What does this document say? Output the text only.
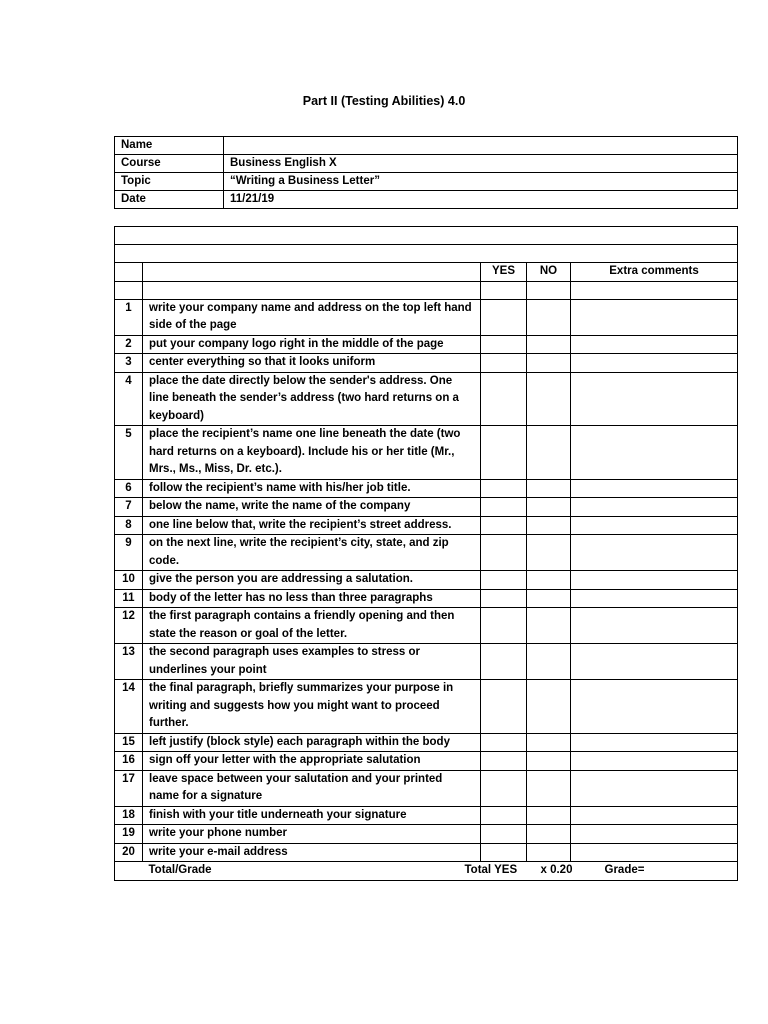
Part II (Testing Abilities) 4.0
Name	
Course	Business English X
Topic	“Writing a Business Letter”
Date	11/21/19

		YES	NO	Extra comments

1	write your company name and address on the top left hand side of the page			
2	put your company logo right in the middle of the page			
3	center everything so that it looks uniform			
4	place the date directly below the sender's address. One line beneath the sender’s address (two hard returns on a keyboard)			
5	place the recipient’s name one line beneath the date (two hard returns on a keyboard). Include his or her title (Mr., Mrs., Ms., Miss, Dr. etc.).			
6	follow the recipient’s name with his/her job title.			
7	below the name, write the name of the company			
8	one line below that, write the recipient’s street address.			
9	on the next line, write the recipient’s city, state, and zip code.			
10	give the person you are addressing a salutation.			
11	body of the letter has no less than three paragraphs			
12	the first paragraph contains a friendly opening and then state the reason or goal of the letter.			
13	the second paragraph uses examples to stress or underlines your point			
14	the final paragraph, briefly summarizes your purpose in writing and suggests how you might want to proceed further.			
15	left justify (block style) each paragraph within the body			
16	sign off your letter with the appropriate salutation			
17	leave space between your salutation and your printed name for a signature			
18	finish with your title underneath your signature			
19	write your phone number			
20	write your e-mail address			

	Total/Grade Total YES x 0.20 Grade=			
